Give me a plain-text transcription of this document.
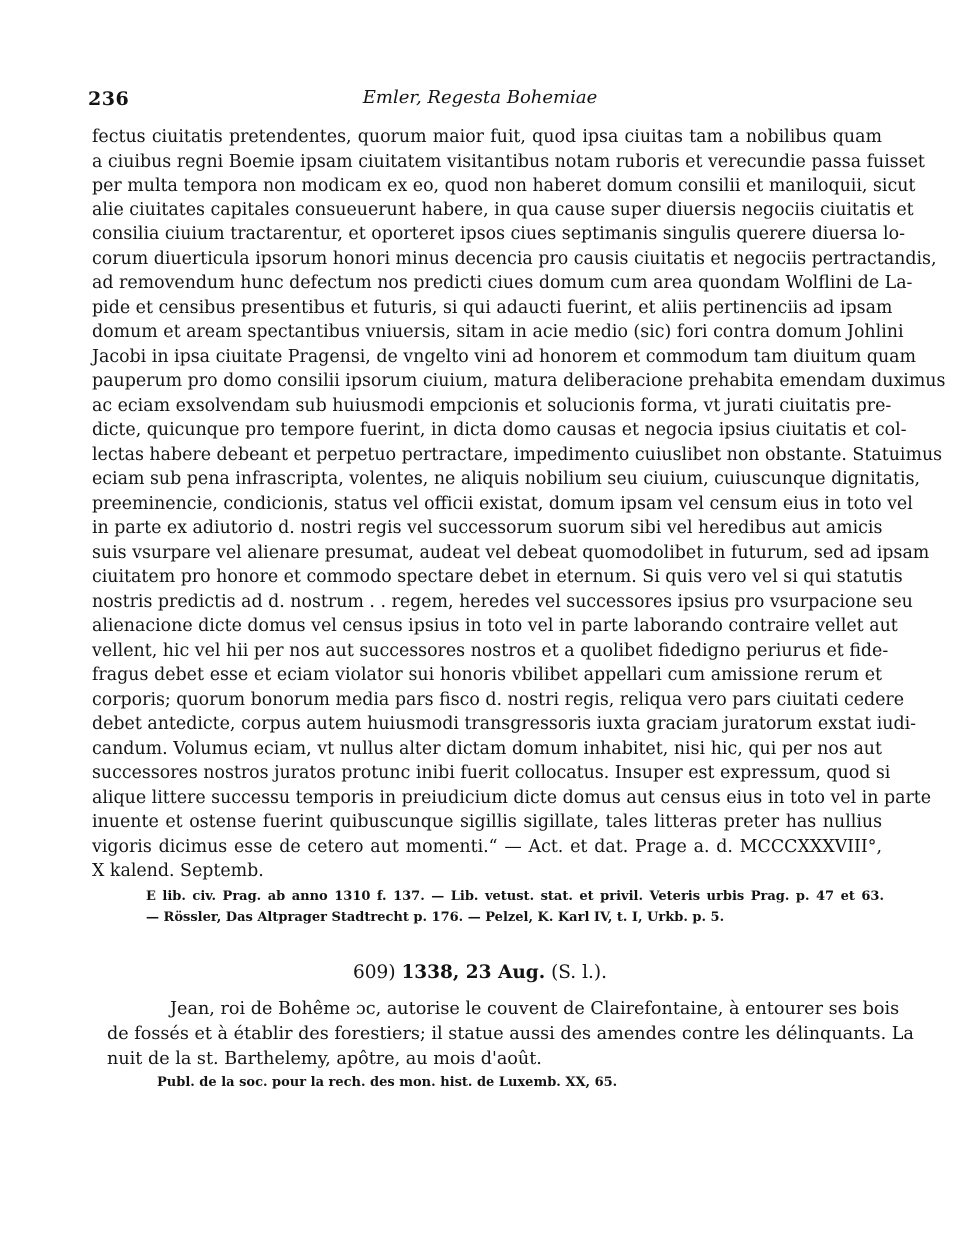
236	Emler, Regesta Bohemiae
fectus ciuitatis pretendentes, quorum maior fuit, quod ipsa ciuitas tam a nobilibus quam
a ciuibus regni Boemie ipsam ciuitatem visitantibus notam ruboris et verecundie passa fuisset
per multa tempora non modicam ex eo, quod non haberet domum consilii et maniloquii, sicut
alie ciuitates capitales consueuerunt habere, in qua cause super diuersis negociis ciuitatis et
consilia ciuium tractarentur, et oporteret ipsos ciues septimanis singulis querere diuersa lo-
corum diuerticula ipsorum honori minus decencia pro causis ciuitatis et negociis pertractandis,
ad removendum hunc defectum nos predicti ciues domum cum area quondam Wolflini de La-
pide et censibus presentibus et futuris, si qui adaucti fuerint, et aliis pertinenciis ad ipsam
domum et aream spectantibus vniuersis, sitam in acie medio (sic) fori contra domum Johlini
Jacobi in ipsa ciuitate Pragensi, de vngelto vini ad honorem et commodum tam diuitum quam
pauperum pro domo consilii ipsorum ciuium, matura deliberacione prehabita emendam duximus
ac eciam exsolvendam sub huiusmodi empcionis et solucionis forma, vt jurati ciuitatis pre-
dicte, quicunque pro tempore fuerint, in dicta domo causas et negocia ipsius ciuitatis et col-
lectas habere debeant et perpetuo pertractare, impedimento cuiuslibet non obstante. Statuimus
eciam sub pena infrascripta, volentes, ne aliquis nobilium seu ciuium, cuiuscunque dignitatis,
preeminencie, condicionis, status vel officii existat, domum ipsam vel censum eius in toto vel
in parte ex adiutorio d. nostri regis vel successorum suorum sibi vel heredibus aut amicis
suis vsurpare vel alienare presumat, audeat vel debeat quomodolibet in futurum, sed ad ipsam
ciuitatem pro honore et commodo spectare debet in eternum. Si quis vero vel si qui statutis
nostris predictis ad d. nostrum . . regem, heredes vel successores ipsius pro vsurpacione seu
alienacione dicte domus vel census ipsius in toto vel in parte laborando contraire vellet aut
vellent, hic vel hii per nos aut successores nostros et a quolibet fidedigno periurus et fide-
fragus debet esse et eciam violator sui honoris vbilibet appellari cum amissione rerum et
corporis; quorum bonorum media pars fisco d. nostri regis, reliqua vero pars ciuitati cedere
debet antedicte, corpus autem huiusmodi transgressoris iuxta graciam juratorum exstat iudi-
candum. Volumus eciam, vt nullus alter dictam domum inhabitet, nisi hic, qui per nos aut
successores nostros juratos protunc inibi fuerit collocatus. Insuper est expressum, quod si
alique littere successu temporis in preiudicium dicte domus aut census eius in toto vel in parte
inuente et ostense fuerint quibuscunque sigillis sigillate, tales litteras preter has nullius
vigoris dicimus esse de cetero aut momenti.“ — Act. et dat. Prage a. d. MCCCXXXVIII°,
X kalend. Septemb.
E lib. civ. Prag. ab anno 1310 f. 137. — Lib. vetust. stat. et privil. Veteris urbis Prag. p. 47 et 63.
— Rössler, Das Altprager Stadtrecht p. 176. — Pelzel, K. Karl IV, t. I, Urkb. p. 5.
609) 1338, 23 Aug. (S. l.).
Jean, roi de Bohême ɔc, autorise le couvent de Clairefontaine, à entourer ses bois
de fossés et à établir des forestiers; il statue aussi des amendes contre les délinquants. La
nuit de la st. Barthelemy, apôtre, au mois d'août.
Publ. de la soc. pour la rech. des mon. hist. de Luxemb. XX, 65.
